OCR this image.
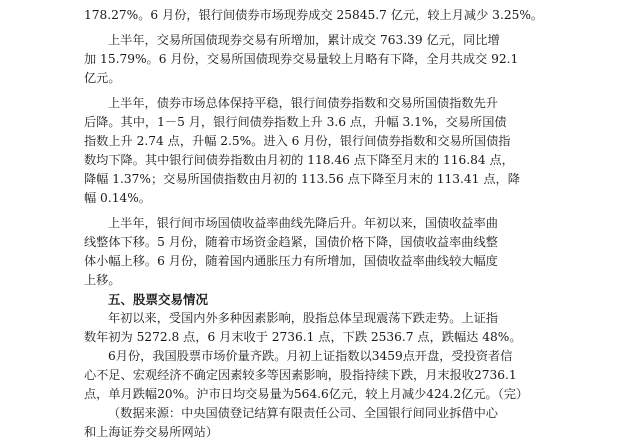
178.27%。6 月份，银行间债券市场现券成交 25845.7 亿元，较上月减少 3.25%。
上半年，交易所国债现券交易有所增加，累计成交 763.39 亿元，同比增
加 15.79%。6 月份，交易所国债现券交易量较上月略有下降，全月共成交 92.1
亿元。
上半年，债券市场总体保持平稳，银行间债券指数和交易所国债指数先升
后降。其中，1－5 月，银行间债券指数上升 3.6 点，升幅 3.1%，交易所国债
指数上升 2.74 点，升幅 2.5%。进入 6 月份，银行间债券指数和交易所国债指
数均下降。其中银行间债券指数由月初的 118.46 点下降至月末的 116.84 点，
降幅 1.37%；交易所国债指数由月初的 113.56 点下降至月末的 113.41 点，降
幅 0.14%。
上半年，银行间市场国债收益率曲线先降后升。年初以来，国债收益率曲
线整体下移。5 月份，随着市场资金趋紧，国债价格下降，国债收益率曲线整
体小幅上移。6 月份，随着国内通胀压力有所增加，国债收益率曲线较大幅度
上移。
五、股票交易情况
年初以来，受国内外多种因素影响，股指总体呈现震荡下跌走势。上证指
数年初为 5272.8 点，6 月末收于 2736.1 点，下跌 2536.7 点，跌幅达 48%。
6月份，我国股票市场价量齐跌。月初上证指数以3459点开盘，受投资者信
心不足、宏观经济不确定因素较多等因素影响，股指持续下跌，月末报收2736.1
点，单月跌幅20%。沪市日均交易量为564.6亿元，较上月减少424.2亿元。（完）
（数据来源：中央国债登记结算有限责任公司、全国银行间同业拆借中心
和上海证券交易所网站）
